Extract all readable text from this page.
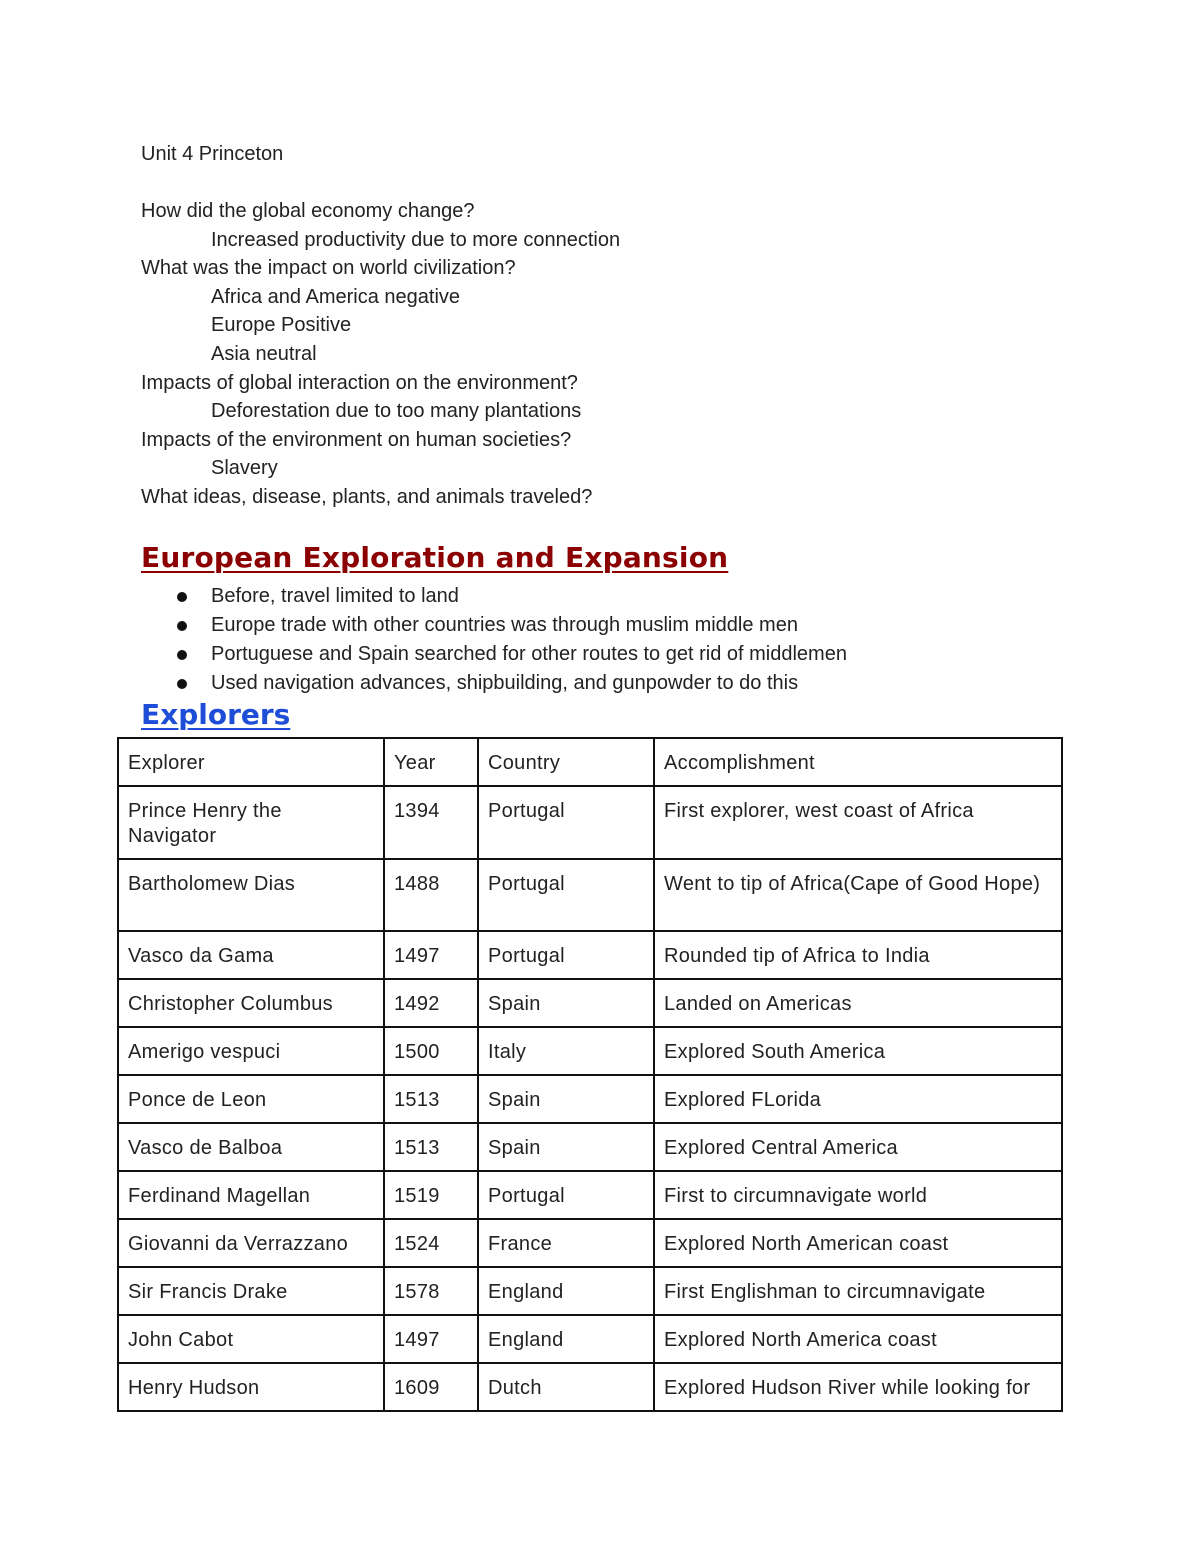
Unit 4 Princeton
How did the global economy change?
Increased productivity due to more connection
What was the impact on world civilization?
Africa and America negative
Europe Positive
Asia neutral
Impacts of global interaction on the environment?
Deforestation due to too many plantations
Impacts of the environment on human societies?
Slavery
What ideas, disease, plants, and animals traveled?
European Exploration and Expansion
Before, travel limited to land
Europe trade with other countries was through muslim middle men
Portuguese and Spain searched for other routes to get rid of middlemen
Used navigation advances, shipbuilding, and gunpowder to do this
Explorers
Explorer	Year	Country	Accomplishment
Prince Henry the Navigator	1394	Portugal	First explorer, west coast of Africa
Bartholomew Dias	1488	Portugal	Went to tip of Africa(Cape of Good Hope)
Vasco da Gama	1497	Portugal	Rounded tip of Africa to India
Christopher Columbus	1492	Spain	Landed on Americas
Amerigo vespuci	1500	Italy	Explored South America
Ponce de Leon	1513	Spain	Explored FLorida
Vasco de Balboa	1513	Spain	Explored Central America
Ferdinand Magellan	1519	Portugal	First to circumnavigate world
Giovanni da Verrazzano	1524	France	Explored North American coast
Sir Francis Drake	1578	England	First Englishman to circumnavigate
John Cabot	1497	England	Explored North America coast
Henry Hudson	1609	Dutch	Explored Hudson River while looking for
